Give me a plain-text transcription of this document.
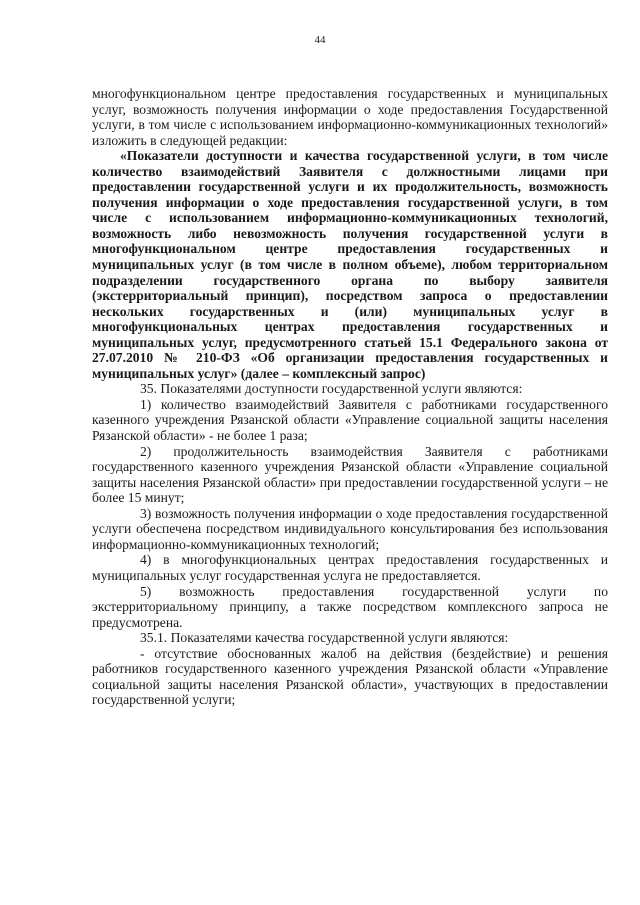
44

многофункциональном центре предоставления государственных и муниципальных услуг, возможность получения информации о ходе предоставления Государственной услуги, в том числе с использованием информационно-коммуникационных технологий» изложить в следующей редакции:

«Показатели доступности и качества государственной услуги, в том числе количество взаимодействий Заявителя с должностными лицами при предоставлении государственной услуги и их продолжительность, возможность получения информации о ходе предоставления государственной услуги, в том числе с использованием информационно-коммуникационных технологий, возможность либо невозможность получения государственной услуги в многофункциональном центре предоставления государственных и муниципальных услуг (в том числе в полном объеме), любом территориальном подразделении государственного органа по выбору заявителя (экстерриториальный принцип), посредством запроса о предоставлении нескольких государственных и (или) муниципальных услуг в многофункциональных центрах предоставления государственных и муниципальных услуг, предусмотренного статьей 15.1 Федерального закона от 27.07.2010 № 210-ФЗ «Об организации предоставления государственных и муниципальных услуг» (далее – комплексный запрос)

35. Показателями доступности государственной услуги являются:

1) количество взаимодействий Заявителя с работниками государственного казенного учреждения Рязанской области «Управление социальной защиты населения Рязанской области» - не более 1 раза;

2) продолжительность взаимодействия Заявителя с работниками государственного казенного учреждения Рязанской области «Управление социальной защиты населения Рязанской области» при предоставлении государственной услуги – не более 15 минут;

3) возможность получения информации о ходе предоставления государственной услуги обеспечена посредством индивидуального консультирования без использования информационно-коммуникационных технологий;

4) в многофункциональных центрах предоставления государственных и муниципальных услуг государственная услуга не предоставляется.

5) возможность предоставления государственной услуги по экстерриториальному принципу, а также посредством комплексного запроса не предусмотрена.

35.1. Показателями качества государственной услуги являются:

- отсутствие обоснованных жалоб на действия (бездействие) и решения работников государственного казенного учреждения Рязанской области «Управление социальной защиты населения Рязанской области», участвующих в предоставлении государственной услуги;
